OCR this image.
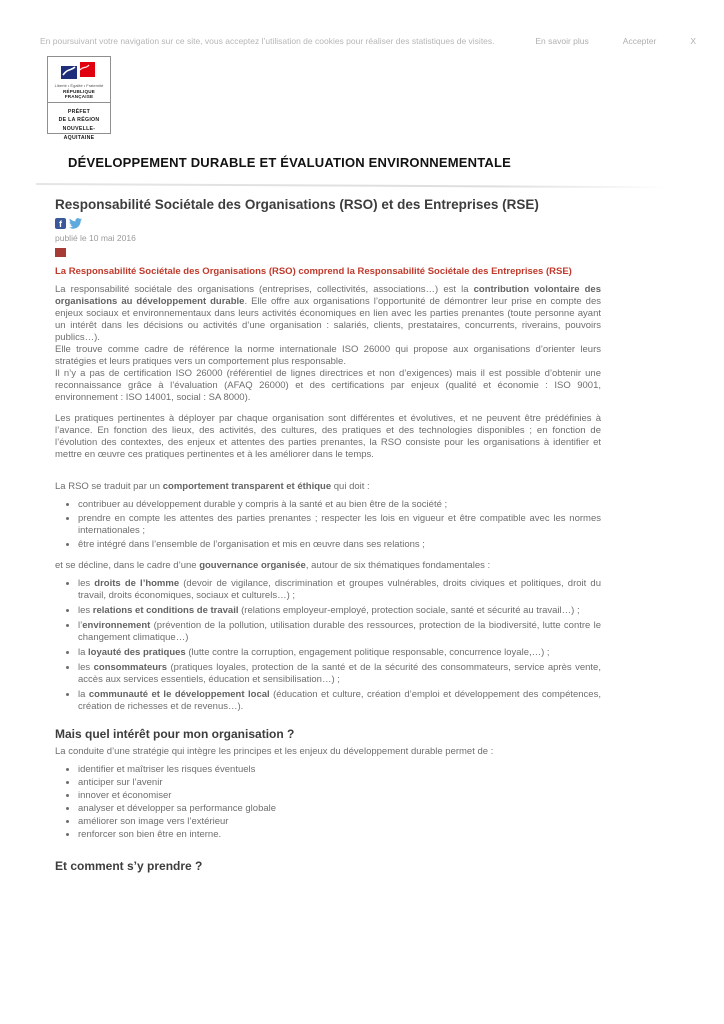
En poursuivant votre navigation sur ce site, vous acceptez l’utilisation de cookies pour réaliser des statistiques de visites.	En savoir plus	Accepter	X
Liberté • Égalité • Fraternité
RÉPUBLIQUE FRANÇAISE
PRÉFET
DE LA RÉGION
NOUVELLE-AQUITAINE
DÉVELOPPEMENT DURABLE ET ÉVALUATION ENVIRONNEMENTALE
Responsabilité Sociétale des Organisations (RSO) et des Entreprises (RSE)
f
publié le 10 mai 2016

La Responsabilité Sociétale des Organisations (RSO) comprend la Responsabilité Sociétale des Entreprises (RSE)

La responsabilité sociétale des organisations (entreprises, collectivités, associations…) est la contribution volontaire des organisations au développement durable. Elle offre aux organisations l’opportunité de démontrer leur prise en compte des enjeux sociaux et environnementaux dans leurs activités économiques en lien avec les parties prenantes (toute personne ayant un intérêt dans les décisions ou activités d’une organisation : salariés, clients, prestataires, concurrents, riverains, pouvoirs publics…).

Elle trouve comme cadre de référence la norme internationale ISO 26000 qui propose aux organisations d’orienter leurs stratégies et leurs pratiques vers un comportement plus responsable.

Il n’y a pas de certification ISO 26000 (référentiel de lignes directrices et non d’exigences) mais il est possible d’obtenir une reconnaissance grâce à l’évaluation (AFAQ 26000) et des certifications par enjeux (qualité et économie : ISO 9001, environnement : ISO 14001, social : SA 8000).

Les pratiques pertinentes à déployer par chaque organisation sont différentes et évolutives, et ne peuvent être prédéfinies à l’avance. En fonction des lieux, des activités, des cultures, des pratiques et des technologies disponibles ; en fonction de l’évolution des contextes, des enjeux et attentes des parties prenantes, la RSO consiste pour les organisations à identifier et mettre en œuvre ces pratiques pertinentes et à les améliorer dans le temps.

La RSO se traduit par un comportement transparent et éthique qui doit :

• contribuer au développement durable y compris à la santé et au bien être de la société ;
• prendre en compte les attentes des parties prenantes ; respecter les lois en vigueur et être compatible avec les normes internationales ;
• être intégré dans l’ensemble de l’organisation et mis en œuvre dans ses relations ;

et se décline, dans le cadre d’une gouvernance organisée, autour de six thématiques fondamentales :

• les droits de l’homme (devoir de vigilance, discrimination et groupes vulnérables, droits civiques et politiques, droit du travail, droits économiques, sociaux et culturels…) ;
• les relations et conditions de travail (relations employeur-employé, protection sociale, santé et sécurité au travail…) ;
• l’environnement (prévention de la pollution, utilisation durable des ressources, protection de la biodiversité, lutte contre le changement climatique…)
• la loyauté des pratiques (lutte contre la corruption, engagement politique responsable, concurrence loyale,…) ;
• les consommateurs (pratiques loyales, protection de la santé et de la sécurité des consommateurs, service après vente, accès aux services essentiels, éducation et sensibilisation…) ;
• la communauté et le développement local (éducation et culture, création d’emploi et développement des compétences, création de richesses et de revenus…).
Mais quel intérêt pour mon organisation ?

La conduite d’une stratégie qui intègre les principes et les enjeux du développement durable permet de :

• identifier et maîtriser les risques éventuels
• anticiper sur l’avenir
• innover et économiser
• analyser et développer sa performance globale
• améliorer son image vers l’extérieur
• renforcer son bien être en interne.
Et comment s’y prendre ?
